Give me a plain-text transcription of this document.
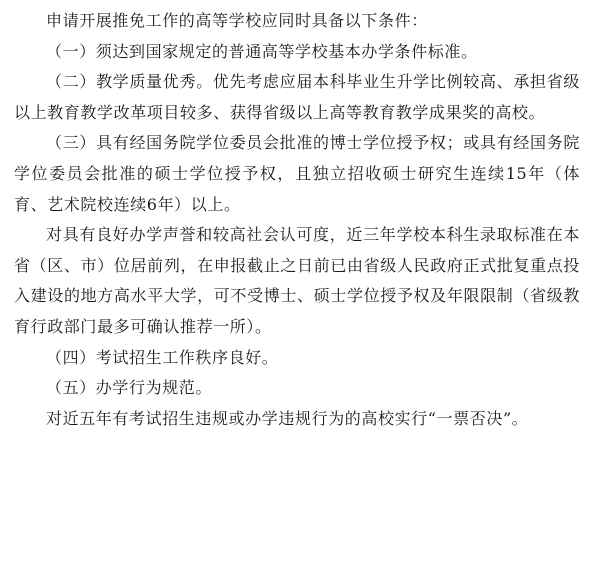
申请开展推免工作的高等学校应同时具备以下条件：

（一）须达到国家规定的普通高等学校基本办学条件标准。

（二）教学质量优秀。优先考虑应届本科毕业生升学比例较高、承担省级以上教育教学改革项目较多、获得省级以上高等教育教学成果奖的高校。

（三）具有经国务院学位委员会批准的博士学位授予权；或具有经国务院学位委员会批准的硕士学位授予权，且独立招收硕士研究生连续15年（体育、艺术院校连续6年）以上。

对具有良好办学声誉和较高社会认可度，近三年学校本科生录取标准在本省（区、市）位居前列，在申报截止之日前已由省级人民政府正式批复重点投入建设的地方高水平大学，可不受博士、硕士学位授予权及年限限制（省级教育行政部门最多可确认推荐一所）。

（四）考试招生工作秩序良好。

（五）办学行为规范。

对近五年有考试招生违规或办学违规行为的高校实行“一票否决”。
